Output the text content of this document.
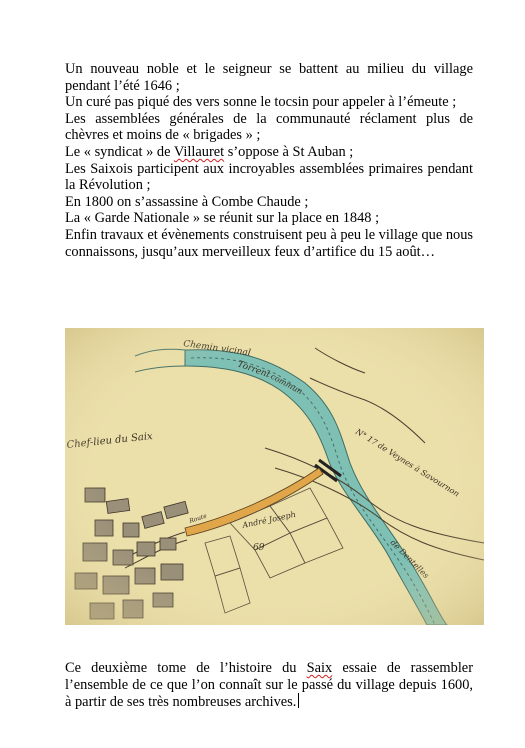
Un nouveau noble et le seigneur se battent au milieu du village pendant l’été 1646 ;

Un curé pas piqué des vers sonne le tocsin pour appeler à l’émeute ;

Les assemblées générales de la communauté réclament plus de chèvres et moins de « brigades » ;

Le « syndicat » de Villauret s’oppose à St Auban ;

Les Saixois participent aux incroyables assemblées primaires pendant la Révolution ;

En 1800 on s’assassine à Combe Chaude ;

La « Garde Nationale » se réunit sur la place en 1848 ;

Enfin travaux et évènements construisent peu à peu le village que nous connaissons, jusqu’aux merveilleux feux d’artifice du 15 août…

Ce deuxième tome de l’histoire du Saix essaie de rassembler l’ensemble de ce que l’on connaît sur le passé du village depuis 1600, à partir de ses très nombreuses archives.
